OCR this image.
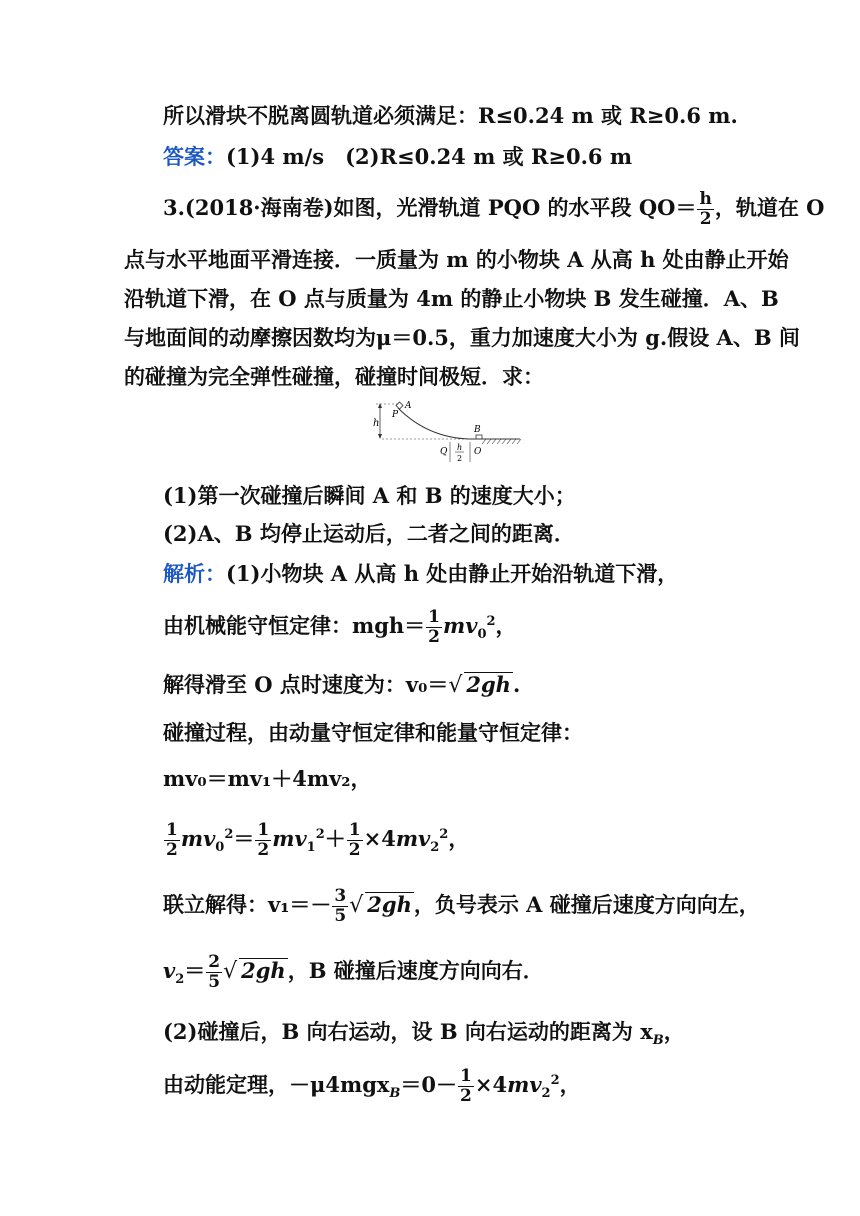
所以滑块不脱离圆轨道必须满足：R≤0.24 m 或 R≥0.6 m.
答案：(1)4 m/s　(2)R≤0.24 m 或 R≥0.6 m
3.(2018·海南卷)如图，光滑轨道 PQO 的水平段 $QO= \frac{h}{2}$ ，轨道在 O
点与水平地面平滑连接．一质量为 m 的小物块 A 从高 h 处由静止开始
沿轨道下滑，在 O 点与质量为 4m 的静止小物块 B 发生碰撞．A、B
与地面间的动摩擦因数均为μ＝0.5，重力加速度大小为 g.假设 A、B 间
的碰撞为完全弹性碰撞，碰撞时间极短．求：
h
A
P
B
Q	O
h
2
(1)第一次碰撞后瞬间 A 和 B 的速度大小；
(2)A、B 均停止运动后，二者之间的距离．
解析：(1)小物块 A 从高 h 处由静止开始沿轨道下滑，
由机械能守恒定律：$mgh= \frac{1}{2} mv_0^2$，
解得滑至 O 点时速度为：v₀＝√ 2gh.
碰撞过程，由动量守恒定律和能量守恒定律：
mv₀＝mv₁＋4mv₂，
$\frac{1}{2} mv_0^2= \frac{1}{2} mv_1^2+ \frac{1}{2} \times 4mv_2^2$，
联立解得：$v_1=- \frac{3}{5}$ √ 2gh，负号表示 A 碰撞后速度方向向左，
$v_2= \frac{2}{5}$ √ 2gh，B 碰撞后速度方向向右．
(2)碰撞后，B 向右运动，设 B 向右运动的距离为 $x_B$，
由动能定理，$-\mu 4mgx_B=0- \frac{1}{2} \times 4mv_2^2$，
